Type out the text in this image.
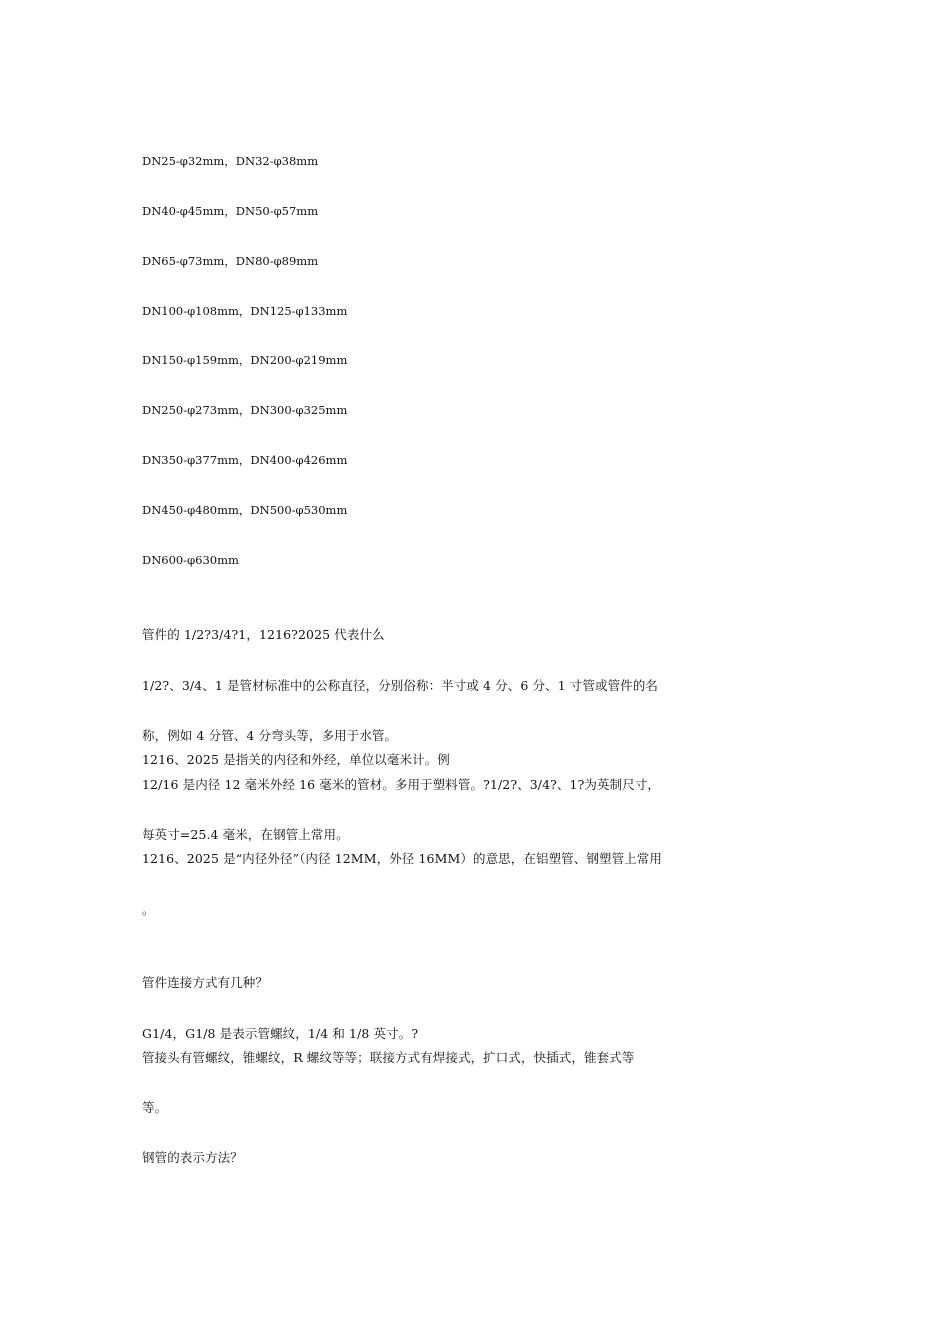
DN25-φ32mm，DN32-φ38mm

DN40-φ45mm，DN50-φ57mm

DN65-φ73mm，DN80-φ89mm

DN100-φ108mm，DN125-φ133mm

DN150-φ159mm，DN200-φ219mm

DN250-φ273mm，DN300-φ325mm

DN350-φ377mm，DN400-φ426mm

DN450-φ480mm，DN500-φ530mm

DN600-φ630mm

管件的 1/2?3/4?1，1216?2025 代表什么

1/2?、3/4、1 是管材标准中的公称直径，分别俗称：半寸或 4 分、6 分、1 寸管或管件的名

称，例如 4 分管、4 分弯头等，多用于水管。

1216、2025 是指关的内径和外经，单位以毫米计。例

12/16 是内径 12 毫米外经 16 毫米的管材。多用于塑料管。?1/2?、3/4?、1?为英制尺寸，

每英寸=25.4 毫米，在钢管上常用。

1216、2025 是“内径外径”（内径 12MM，外径 16MM）的意思，在铝塑管、钢塑管上常用

。

管件连接方式有几种？

G1/4，G1/8 是表示管螺纹，1/4 和 1/8 英寸。?

管接头有管螺纹，锥螺纹，R 螺纹等等；联接方式有焊接式，扩口式，快插式，锥套式等

等。

钢管的表示方法？
